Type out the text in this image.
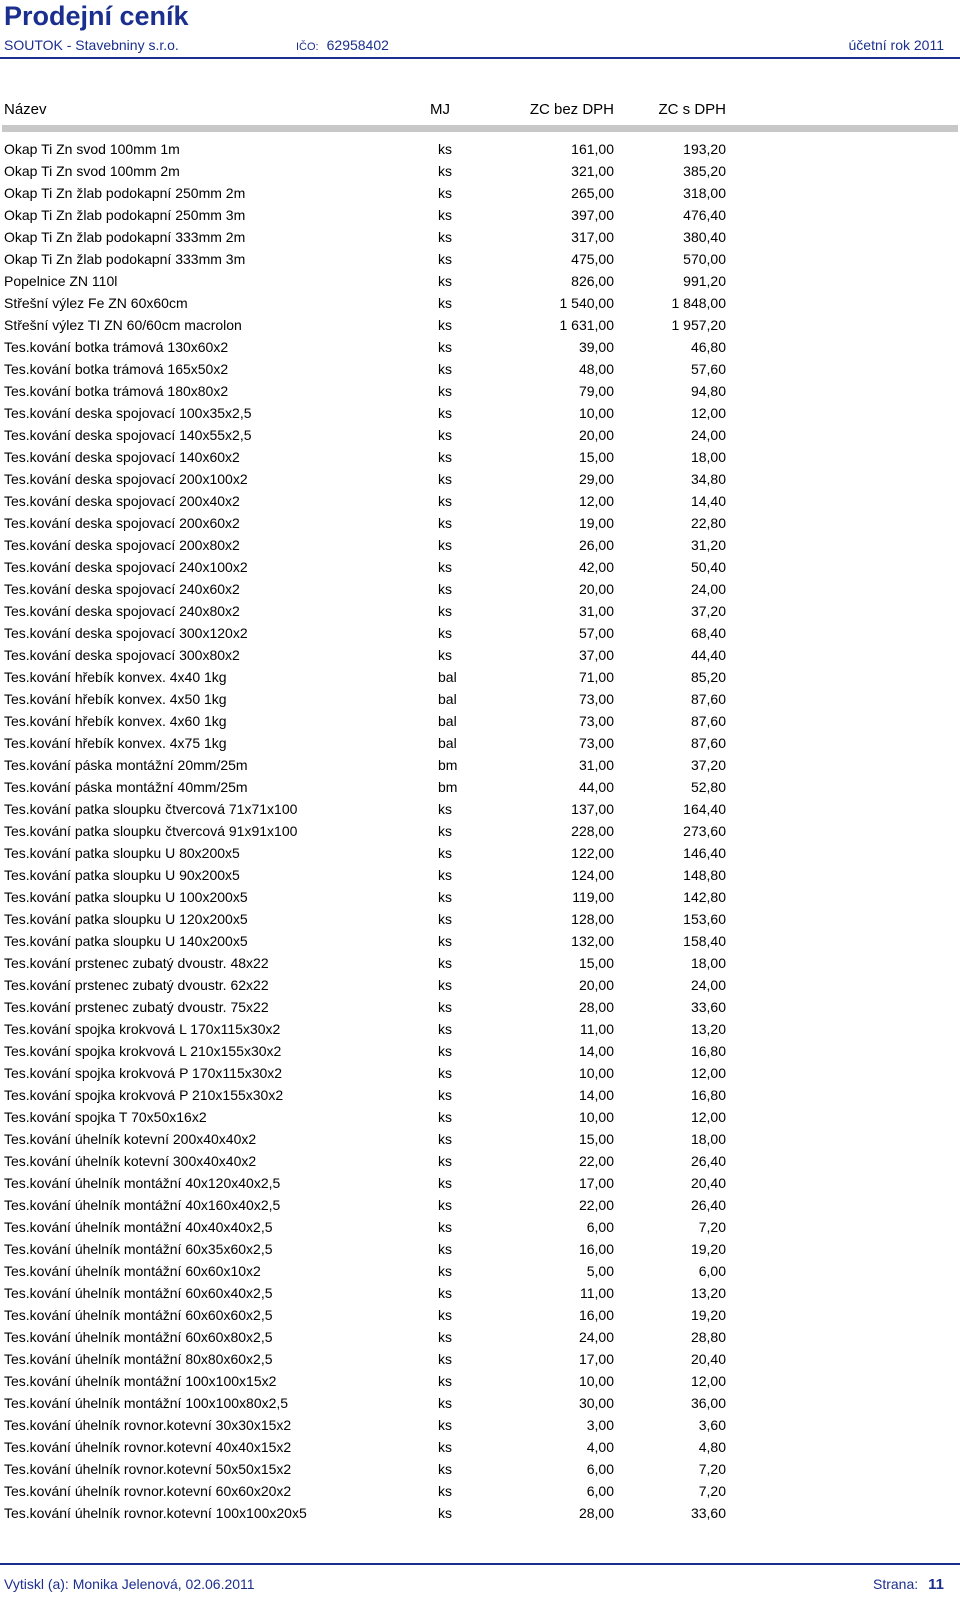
Prodejní ceník
SOUTOK - Stavebniny s.r.o.	IČO: 62958402	účetní rok 2011
Název	MJ	ZC bez DPH	ZC s DPH
Okap Ti Zn svod 100mm 1m	ks	161,00	193,20
Okap Ti Zn svod 100mm 2m	ks	321,00	385,20
Okap Ti Zn žlab podokapní 250mm 2m	ks	265,00	318,00
Okap Ti Zn žlab podokapní 250mm 3m	ks	397,00	476,40
Okap Ti Zn žlab podokapní 333mm 2m	ks	317,00	380,40
Okap Ti Zn žlab podokapní 333mm 3m	ks	475,00	570,00
Popelnice ZN 110l	ks	826,00	991,20
Střešní výlez Fe ZN 60x60cm	ks	1 540,00	1 848,00
Střešní výlez TI ZN 60/60cm macrolon	ks	1 631,00	1 957,20
Tes.kování botka trámová 130x60x2	ks	39,00	46,80
Tes.kování botka trámová 165x50x2	ks	48,00	57,60
Tes.kování botka trámová 180x80x2	ks	79,00	94,80
Tes.kování deska spojovací 100x35x2,5	ks	10,00	12,00
Tes.kování deska spojovací 140x55x2,5	ks	20,00	24,00
Tes.kování deska spojovací 140x60x2	ks	15,00	18,00
Tes.kování deska spojovací 200x100x2	ks	29,00	34,80
Tes.kování deska spojovací 200x40x2	ks	12,00	14,40
Tes.kování deska spojovací 200x60x2	ks	19,00	22,80
Tes.kování deska spojovací 200x80x2	ks	26,00	31,20
Tes.kování deska spojovací 240x100x2	ks	42,00	50,40
Tes.kování deska spojovací 240x60x2	ks	20,00	24,00
Tes.kování deska spojovací 240x80x2	ks	31,00	37,20
Tes.kování deska spojovací 300x120x2	ks	57,00	68,40
Tes.kování deska spojovací 300x80x2	ks	37,00	44,40
Tes.kování hřebík konvex. 4x40 1kg	bal	71,00	85,20
Tes.kování hřebík konvex. 4x50 1kg	bal	73,00	87,60
Tes.kování hřebík konvex. 4x60 1kg	bal	73,00	87,60
Tes.kování hřebík konvex. 4x75 1kg	bal	73,00	87,60
Tes.kování páska montážní 20mm/25m	bm	31,00	37,20
Tes.kování páska montážní 40mm/25m	bm	44,00	52,80
Tes.kování patka sloupku čtvercová 71x71x100	ks	137,00	164,40
Tes.kování patka sloupku čtvercová 91x91x100	ks	228,00	273,60
Tes.kování patka sloupku U 80x200x5	ks	122,00	146,40
Tes.kování patka sloupku U 90x200x5	ks	124,00	148,80
Tes.kování patka sloupku U 100x200x5	ks	119,00	142,80
Tes.kování patka sloupku U 120x200x5	ks	128,00	153,60
Tes.kování patka sloupku U 140x200x5	ks	132,00	158,40
Tes.kování prstenec zubatý dvoustr. 48x22	ks	15,00	18,00
Tes.kování prstenec zubatý dvoustr. 62x22	ks	20,00	24,00
Tes.kování prstenec zubatý dvoustr. 75x22	ks	28,00	33,60
Tes.kování spojka krokvová L 170x115x30x2	ks	11,00	13,20
Tes.kování spojka krokvová L 210x155x30x2	ks	14,00	16,80
Tes.kování spojka krokvová P 170x115x30x2	ks	10,00	12,00
Tes.kování spojka krokvová P 210x155x30x2	ks	14,00	16,80
Tes.kování spojka T 70x50x16x2	ks	10,00	12,00
Tes.kování úhelník kotevní 200x40x40x2	ks	15,00	18,00
Tes.kování úhelník kotevní 300x40x40x2	ks	22,00	26,40
Tes.kování úhelník montážní 40x120x40x2,5	ks	17,00	20,40
Tes.kování úhelník montážní 40x160x40x2,5	ks	22,00	26,40
Tes.kování úhelník montážní 40x40x40x2,5	ks	6,00	7,20
Tes.kování úhelník montážní 60x35x60x2,5	ks	16,00	19,20
Tes.kování úhelník montážní 60x60x10x2	ks	5,00	6,00
Tes.kování úhelník montážní 60x60x40x2,5	ks	11,00	13,20
Tes.kování úhelník montážní 60x60x60x2,5	ks	16,00	19,20
Tes.kování úhelník montážní 60x60x80x2,5	ks	24,00	28,80
Tes.kování úhelník montážní 80x80x60x2,5	ks	17,00	20,40
Tes.kování úhelník montážní 100x100x15x2	ks	10,00	12,00
Tes.kování úhelník montážní 100x100x80x2,5	ks	30,00	36,00
Tes.kování úhelník rovnor.kotevní 30x30x15x2	ks	3,00	3,60
Tes.kování úhelník rovnor.kotevní 40x40x15x2	ks	4,00	4,80
Tes.kování úhelník rovnor.kotevní 50x50x15x2	ks	6,00	7,20
Tes.kování úhelník rovnor.kotevní 60x60x20x2	ks	6,00	7,20
Tes.kování úhelník rovnor.kotevní 100x100x20x5	ks	28,00	33,60
Vytiskl (a): Monika Jelenová, 02.06.2011	Strana: 11
